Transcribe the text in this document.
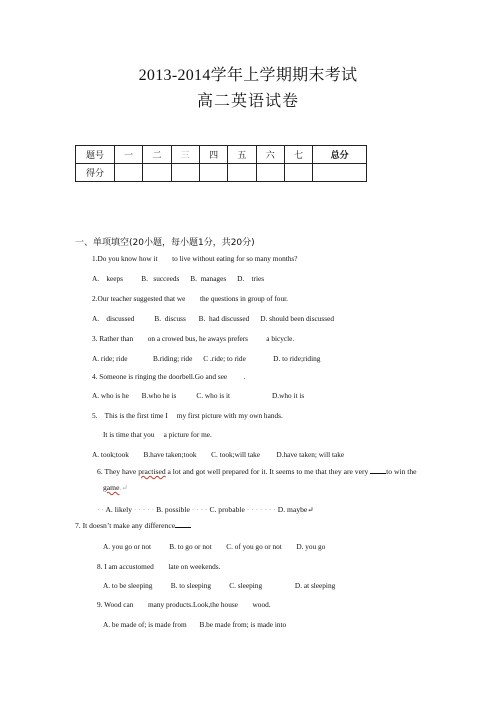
2013-2014学年上学期期末考试
高二英语试卷
题号	一	二	三	四	五	六	七	总分
得分								
一、单项填空(20小题，每小题1分，共20分)
1.Do you know how it        to live without eating for so many months?
A.    keeps          B.   succeeds      B.  manages      D.    tries
2.Our teacher suggested that we        the questions in group of four.
A.    discussed           B.  discuss       B.  had discussed      D. should been discussed
3. Rather than        on a crowed bus, he aways prefers          a bicycle.
A. ride; ride              B.riding; ride      C .ride; to ride               D. to ride;riding
4. Someone is ringing the doorbell.Go and see         .
A. who is he       B.who he is           C. who is it                       D.who it is
5.    This is the first time I     my first picture with my own hands.
It is time that you     a picture for me.
A. took;took        B.have taken;took        C. took;will take         D.have taken; will take
6. They have practised a lot and got well prepared for it. It seems to me that they are very to win the
game.↵
· · A. likely · · · · · B. possible · · · · C. probable · · · · · · · D. maybe↵
7. It doesn’t make any difference
A. you go or not          B. to go or not        C. of you go or not        D. you go
8. I am accustomed        late on weekends.
A. to be sleeping          B. to sleeping          C. sleeping                  D. at sleeping
9. Wood can        many products.Look,the house        wood.
A. be made of; is made from       B.be made from; is made into
